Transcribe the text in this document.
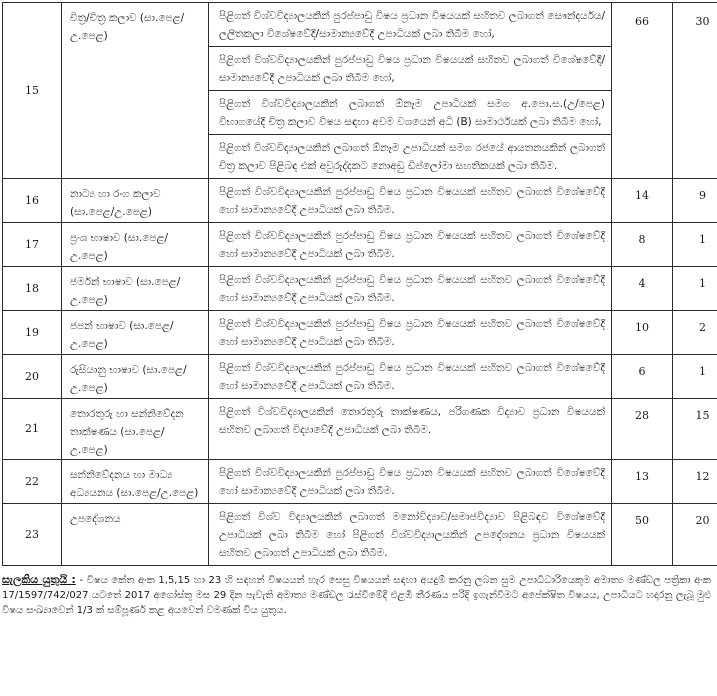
15	චිත්‍ර/චිත්‍ර කලාව (සා.පෙළ/උ.පෙළ)	පිළිගත් විශ්වවිද්‍යාලයකින් පුරප්පාඩු විෂය ප්‍රධාන විෂයයක් සහිතව ලබාගත් සෞන්දර්යය/ලලිතකලා විශේෂවේදී/සාමාන්‍යවේදී උපාධියක් ලබා තිබීම හෝ,
පිළිගත් විශ්වවිද්‍යාලයකින් පුරප්පාඩු විෂය ප්‍රධාන විෂයයක් සහිතව ලබාගත් විශේෂවේදී/සාමාන්‍යවේදී උපාධියක් ලබා තිබීම හෝ,
පිළිගත් විශ්වවිද්‍යාලයකින් ලබාගත් ඕනෑම උපාධියක් සමග අ.පො.ස.(උ/පෙළ) විභාගයේදී චිත්‍ර කලාව විෂය සඳහා අවම වශයෙන් අධි (B) සාමාර්ථයක් ලබා තිබීම හෝ,
පිළිගත් විශ්වවිද්‍යාලයකින් ලබාගත් ඕනෑම උපාධියක් සමග රජයේ ආයතනයකින් ලබාගත් චිත්‍ර කලාව පිළිබඳ එක් අවුරුද්දකට නොඅඩු ඩිප්ලෝමා සහතිකයක් ලබා තිබීම.	66	30
16	නාට්‍ය හා රංග කලාව (සා.පෙළ/උ.පෙළ)	පිළිගත් විශ්වවිද්‍යාලයකින් පුරප්පාඩු විෂය ප්‍රධාන විෂයයක් සහිතව ලබාගත් විශේෂවේදී හෝ සාමාන්‍යවේදී උපාධියක් ලබා තිබීම.	14	9
17	ප්‍රංශ භාෂාව (සා.පෙළ/උ.පෙළ)	පිළිගත් විශ්වවිද්‍යාලයකින් පුරප්පාඩු විෂය ප්‍රධාන විෂයයක් සහිතව ලබාගත් විශේෂවේදී හෝ සාමාන්‍යවේදී උපාධියක් ලබා තිබීම.	8	1
18	ජර්මන් භාෂාව (සා.පෙළ/උ.පෙළ)	පිළිගත් විශ්වවිද්‍යාලයකින් පුරප්පාඩු විෂය ප්‍රධාන විෂයයක් සහිතව ලබාගත් විශේෂවේදී හෝ සාමාන්‍යවේදී උපාධියක් ලබා තිබීම.	4	1
19	ජපන් භාෂාව (සා.පෙළ/උ.පෙළ)	පිළිගත් විශ්වවිද්‍යාලයකින් පුරප්පාඩු විෂය ප්‍රධාන විෂයයක් සහිතව ලබාගත් විශේෂවේදී හෝ සාමාන්‍යවේදී උපාධියක් ලබා තිබීම.	10	2
20	රුසියානු භාෂාව (සා.පෙළ/උ.පෙළ)	පිළිගත් විශ්වවිද්‍යාලයකින් පුරප්පාඩු විෂය ප්‍රධාන විෂයයක් සහිතව ලබාගත් විශේෂවේදී හෝ සාමාන්‍යවේදී උපාධියක් ලබා තිබීම.	6	1
21	තොරතුරු හා සන්නිවේදන තාක්ෂණය (සා.පෙළ/උ.පෙළ)	පිළිගත් විශ්වවිද්‍යාලයකින් තොරතුරු තාක්ෂණය, පරිගණක විද්‍යාව ප්‍රධාන විෂයයක් සහිතව ලබාගත් විද්‍යාවේදී උපාධියක් ලබා තිබීම.	28	15
22	සන්නිවේදනය හා මාධ්‍ය අධ්‍යයනය (සා.පෙළ/උ.පෙළ)	පිළිගත් විශ්වවිද්‍යාලයකින් පුරප්පාඩු විෂය ප්‍රධාන විෂයයක් සහිතව ලබාගත් විශේෂවේදී හෝ සාමාන්‍යවේදී උපාධියක් ලබා තිබීම.	13	12
23	උපදේශනය	පිළිගත් විශ්ව විද්‍යාලයකින් ලබාගත් මනෝවිද්‍යාව/සමාජවිද්‍යාව පිළිබඳව විශේෂවේදී උපාධියක් ලබා තිබීම හෝ පිළිගත් විශ්වවිද්‍යාලයකින් උපදේශනය ප්‍රධාන විෂයයක් සහිතව ලබාගත් උපාධියක් ලබා තිබීම.	50	20
සැලකිය යුතුයි : - විෂය කේත අංක 1,5,15 හා 23 හි සඳහන් විෂයයන් හැර සෙසු විෂයයන් සඳහා අයදුම් කරනු ලබන සුම උපාධිධාරියෙකුම අමාත්‍ය මණ්ඩල පත්‍රිකා අංක 17/1597/742/027 යටතේ 2017 අගෝස්තු මස 29 දින පැවැති අමාත්‍ය මණ්ඩල රැස්වීමේදී එළඹි තීරණය පරිදි ඉගැන්වීමට අපේක්ෂිත විෂයය, උපාධියට හදාරනු ලැබූ මුළු විෂය සංඛ්‍යාවෙන් 1/3 ක් සම්පූර්ණ කළ අයවෙන් වමණක් විය යුතුය.
